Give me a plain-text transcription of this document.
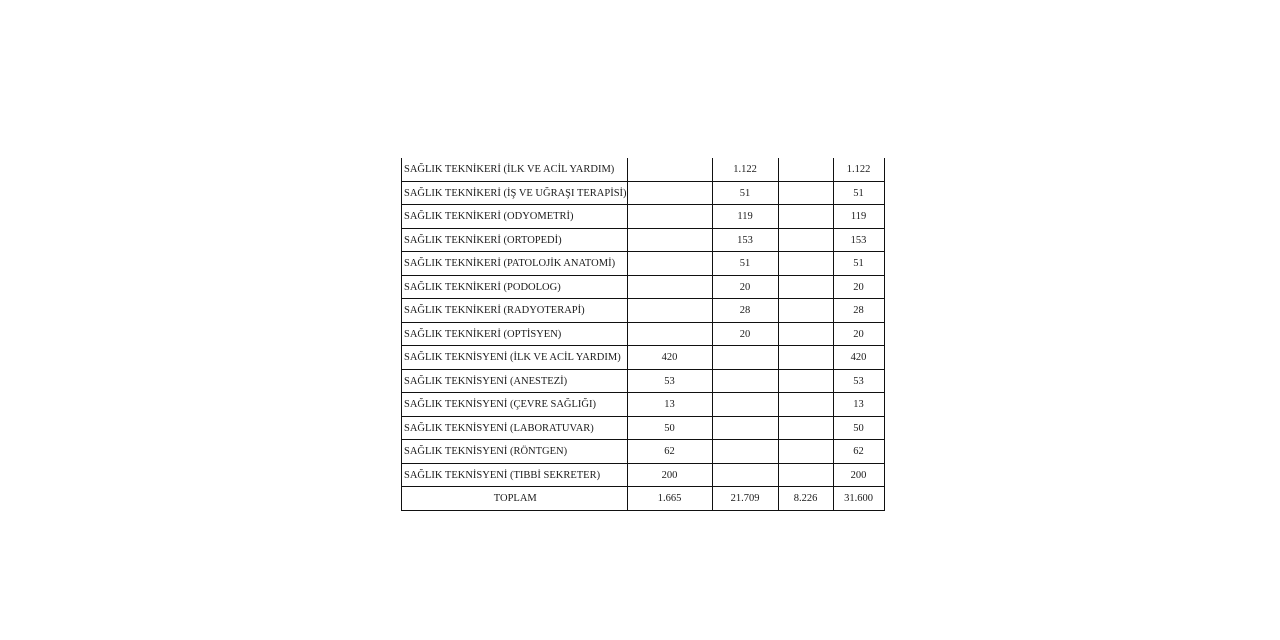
SAĞLIK TEKNİKERİ (İLK VE ACİL YARDIM)		1.122		1.122
SAĞLIK TEKNİKERİ (İŞ VE UĞRAŞI TERAPİSİ)		51		51
SAĞLIK TEKNİKERİ (ODYOMETRİ)		119		119
SAĞLIK TEKNİKERİ (ORTOPEDİ)		153		153
SAĞLIK TEKNİKERİ (PATOLOJİK ANATOMİ)		51		51
SAĞLIK TEKNİKERİ (PODOLOG)		20		20
SAĞLIK TEKNİKERİ (RADYOTERAPİ)		28		28
SAĞLIK TEKNİKERİ (OPTİSYEN)		20		20
SAĞLIK TEKNİSYENİ (İLK VE ACİL YARDIM)	420			420
SAĞLIK TEKNİSYENİ (ANESTEZİ)	53			53
SAĞLIK TEKNİSYENİ (ÇEVRE SAĞLIĞI)	13			13
SAĞLIK TEKNİSYENİ (LABORATUVAR)	50			50
SAĞLIK TEKNİSYENİ (RÖNTGEN)	62			62
SAĞLIK TEKNİSYENİ (TIBBİ SEKRETER)	200			200
TOPLAM	1.665	21.709	8.226	31.600
